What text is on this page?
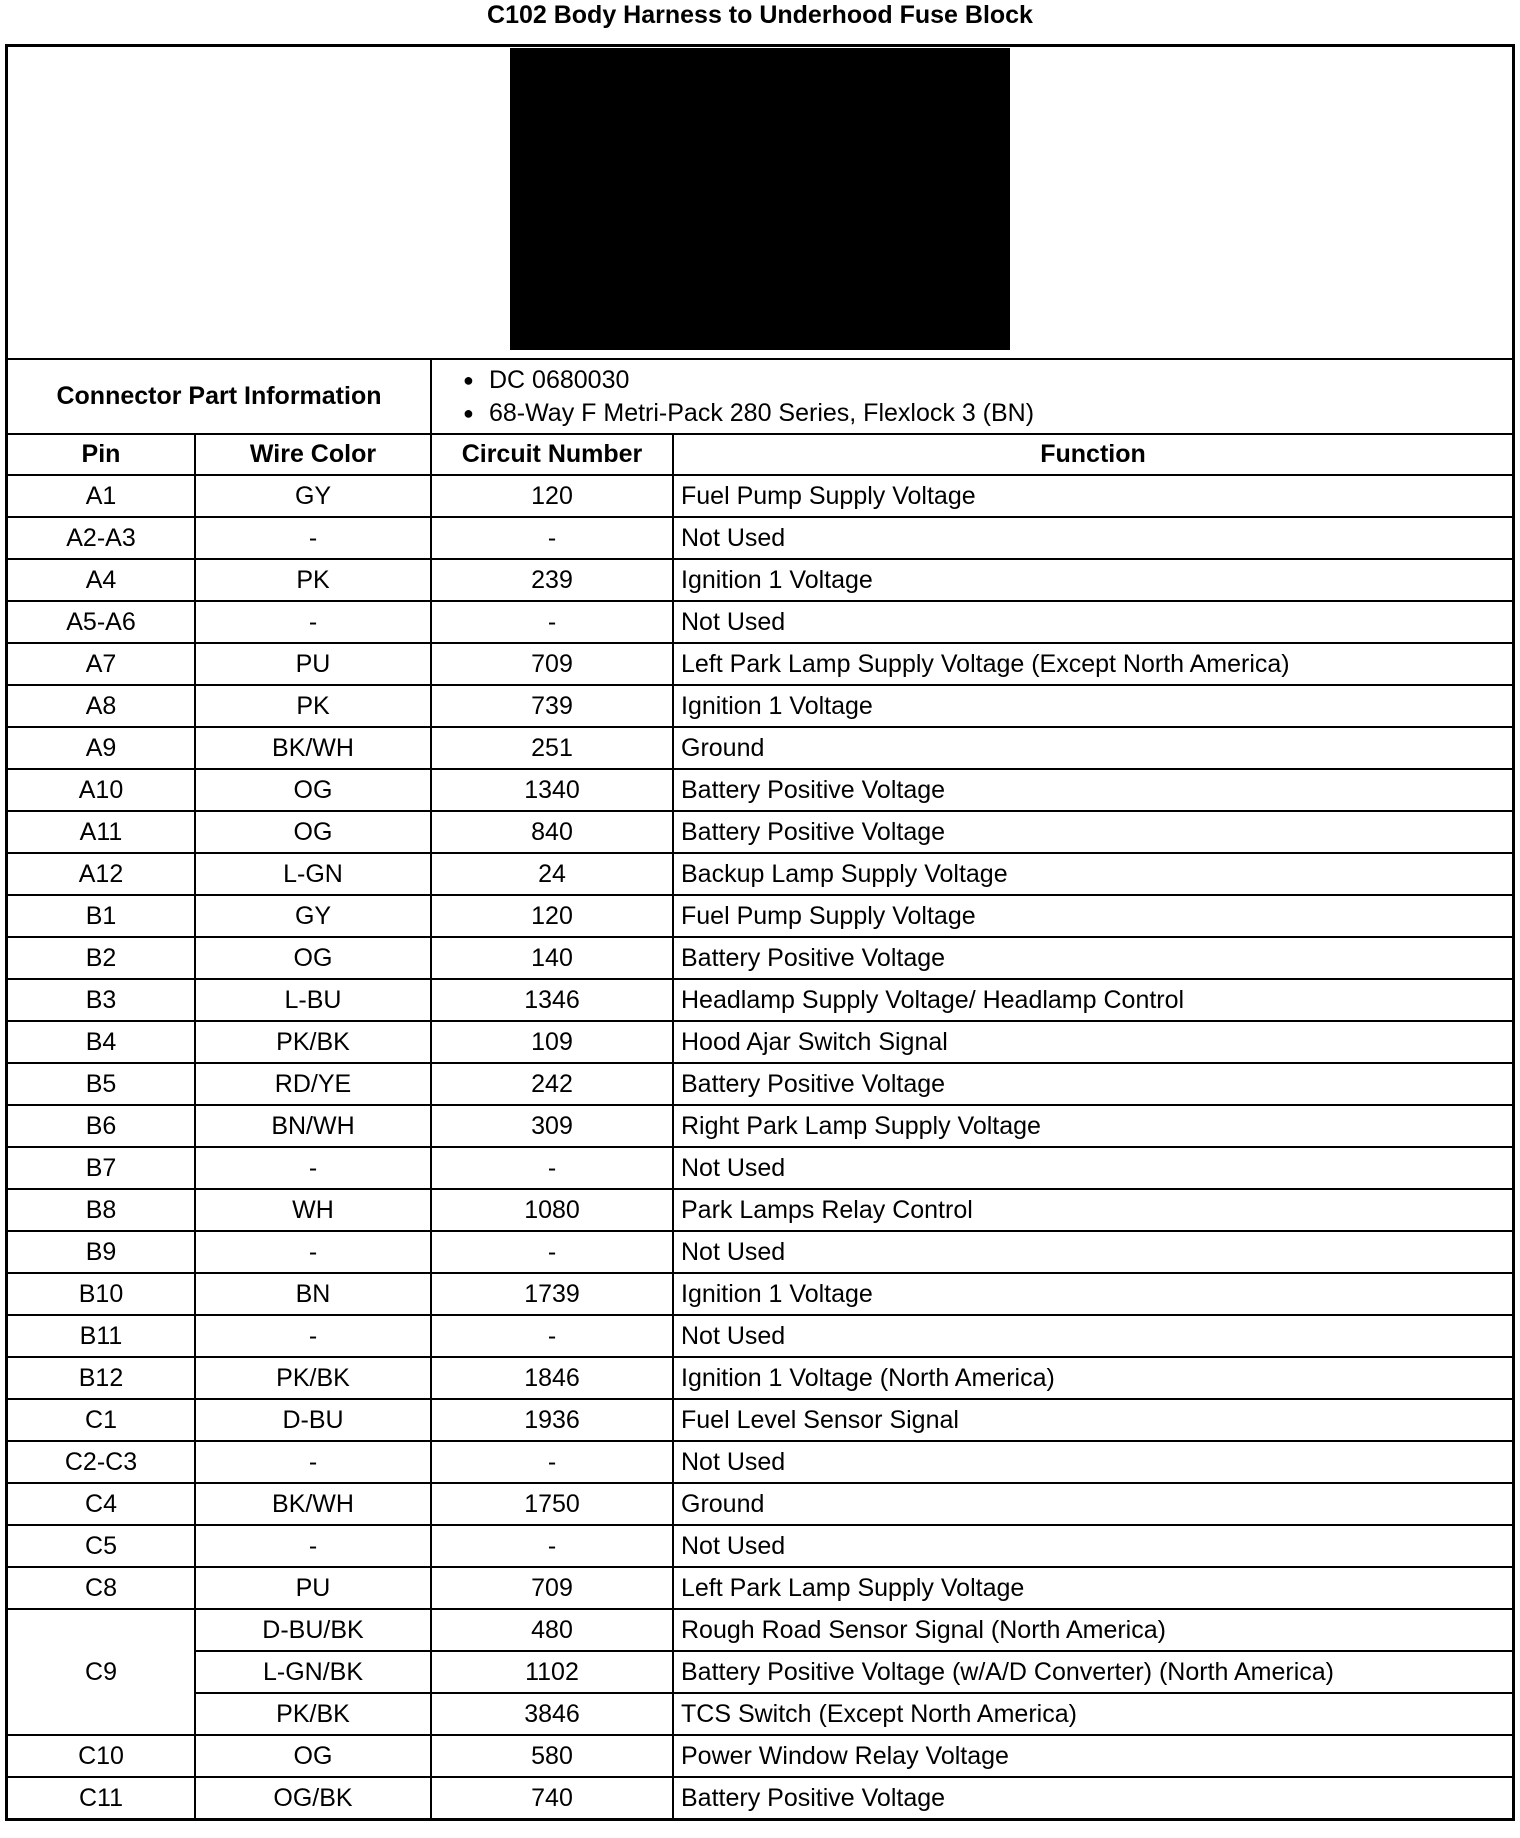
C102 Body Harness to Underhood Fuse Block
Connector Part Information
● DC 0680030
● 68-Way F Metri-Pack 280 Series, Flexlock 3 (BN)
Pin	Wire Color	Circuit Number	Function
A1	GY	120	Fuel Pump Supply Voltage
A2-A3	-	-	Not Used
A4	PK	239	Ignition 1 Voltage
A5-A6	-	-	Not Used
A7	PU	709	Left Park Lamp Supply Voltage (Except North America)
A8	PK	739	Ignition 1 Voltage
A9	BK/WH	251	Ground
A10	OG	1340	Battery Positive Voltage
A11	OG	840	Battery Positive Voltage
A12	L-GN	24	Backup Lamp Supply Voltage
B1	GY	120	Fuel Pump Supply Voltage
B2	OG	140	Battery Positive Voltage
B3	L-BU	1346	Headlamp Supply Voltage/ Headlamp Control
B4	PK/BK	109	Hood Ajar Switch Signal
B5	RD/YE	242	Battery Positive Voltage
B6	BN/WH	309	Right Park Lamp Supply Voltage
B7	-	-	Not Used
B8	WH	1080	Park Lamps Relay Control
B9	-	-	Not Used
B10	BN	1739	Ignition 1 Voltage
B11	-	-	Not Used
B12	PK/BK	1846	Ignition 1 Voltage (North America)
C1	D-BU	1936	Fuel Level Sensor Signal
C2-C3	-	-	Not Used
C4	BK/WH	1750	Ground
C5	-	-	Not Used
C8	PU	709	Left Park Lamp Supply Voltage
C9
D-BU/BK	480	Rough Road Sensor Signal (North America)
L-GN/BK	1102	Battery Positive Voltage (w/A/D Converter) (North America)
PK/BK	3846	TCS Switch (Except North America)
C10	OG	580	Power Window Relay Voltage
C11	OG/BK	740	Battery Positive Voltage
